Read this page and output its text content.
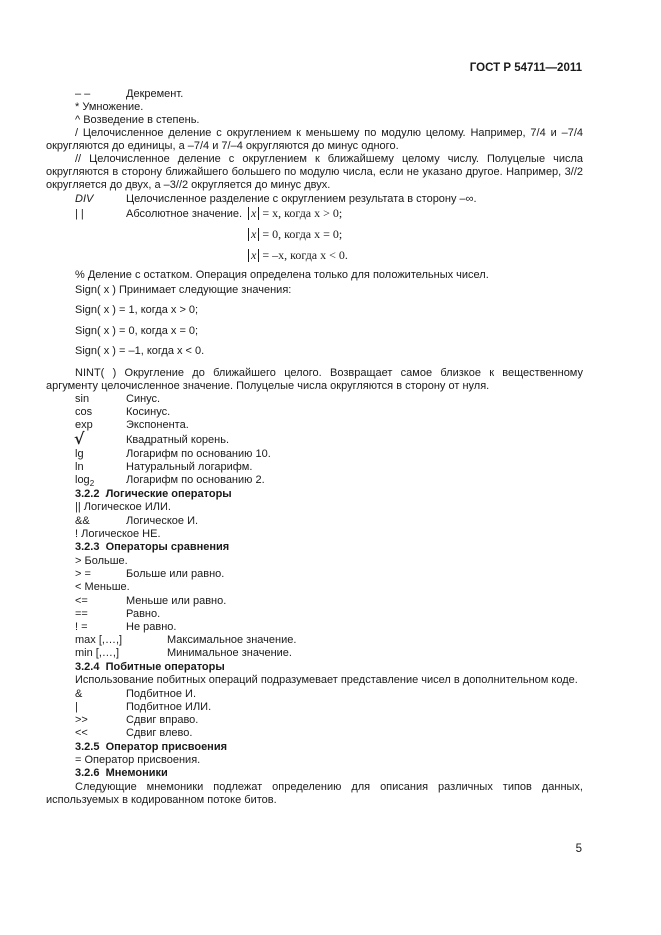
ГОСТ Р 54711—2011
– –	Декремент.
* Умножение.
^ Возведение в степень.
/ Целочисленное деление с округлением к меньшему по модулю целому. Например, 7/4 и –7/4 округляются до единицы, а –7/4 и 7/–4 округляются до минус одного.
// Целочисленное деление с округлением к ближайшему целому числу. Полуцелые числа округляются в сторону ближайшего большего по модулю числа, если не указано другое. Например, 3//2 округляется до двух, а –3//2 округляется до минус двух.
DIV	Целочисленное разделение с округлением результата в сторону –∞.
| |	Абсолютное значение. x = x, когда x > 0;
x = 0, когда x = 0;
x = –x, когда x < 0.
% Деление с остатком. Операция определена только для положительных чисел.
Sign( x ) Принимает следующие значения:
Sign( x ) = 1, когда x > 0;
Sign( x ) = 0, когда x = 0;
Sign( x ) = –1, когда x < 0.
NINT( ) Округление до ближайшего целого. Возвращает самое близкое к вещественному аргументу целочисленное значение. Полуцелые числа округляются в сторону от нуля.
sin	Синус.
cos	Косинус.
exp	Экспонента.
√	Квадратный корень.
lg	Логарифм по основанию 10.
ln	Натуральный логарифм.
$\log_2$	Логарифм по основанию 2.
3.2.2 Логические операторы
|| Логическое ИЛИ.
&&	Логическое И.
! Логическое НЕ.
3.2.3 Операторы сравнения
> Больше.
> =	Больше или равно.
< Меньше.
<=	Меньше или равно.
==	Равно.
! =	Не равно.
max [,…,]	Максимальное значение.
min [,…,]	Минимальное значение.
3.2.4 Побитные операторы
Использование побитных операций подразумевает представление чисел в дополнительном коде.
&	Подбитное И.
|	Подбитное ИЛИ.
>>	Сдвиг вправо.
<<	Сдвиг влево.
3.2.5 Оператор присвоения
= Оператор присвоения.
3.2.6 Мнемоники
Следующие мнемоники подлежат определению для описания различных типов данных, используемых в кодированном потоке битов.
5
